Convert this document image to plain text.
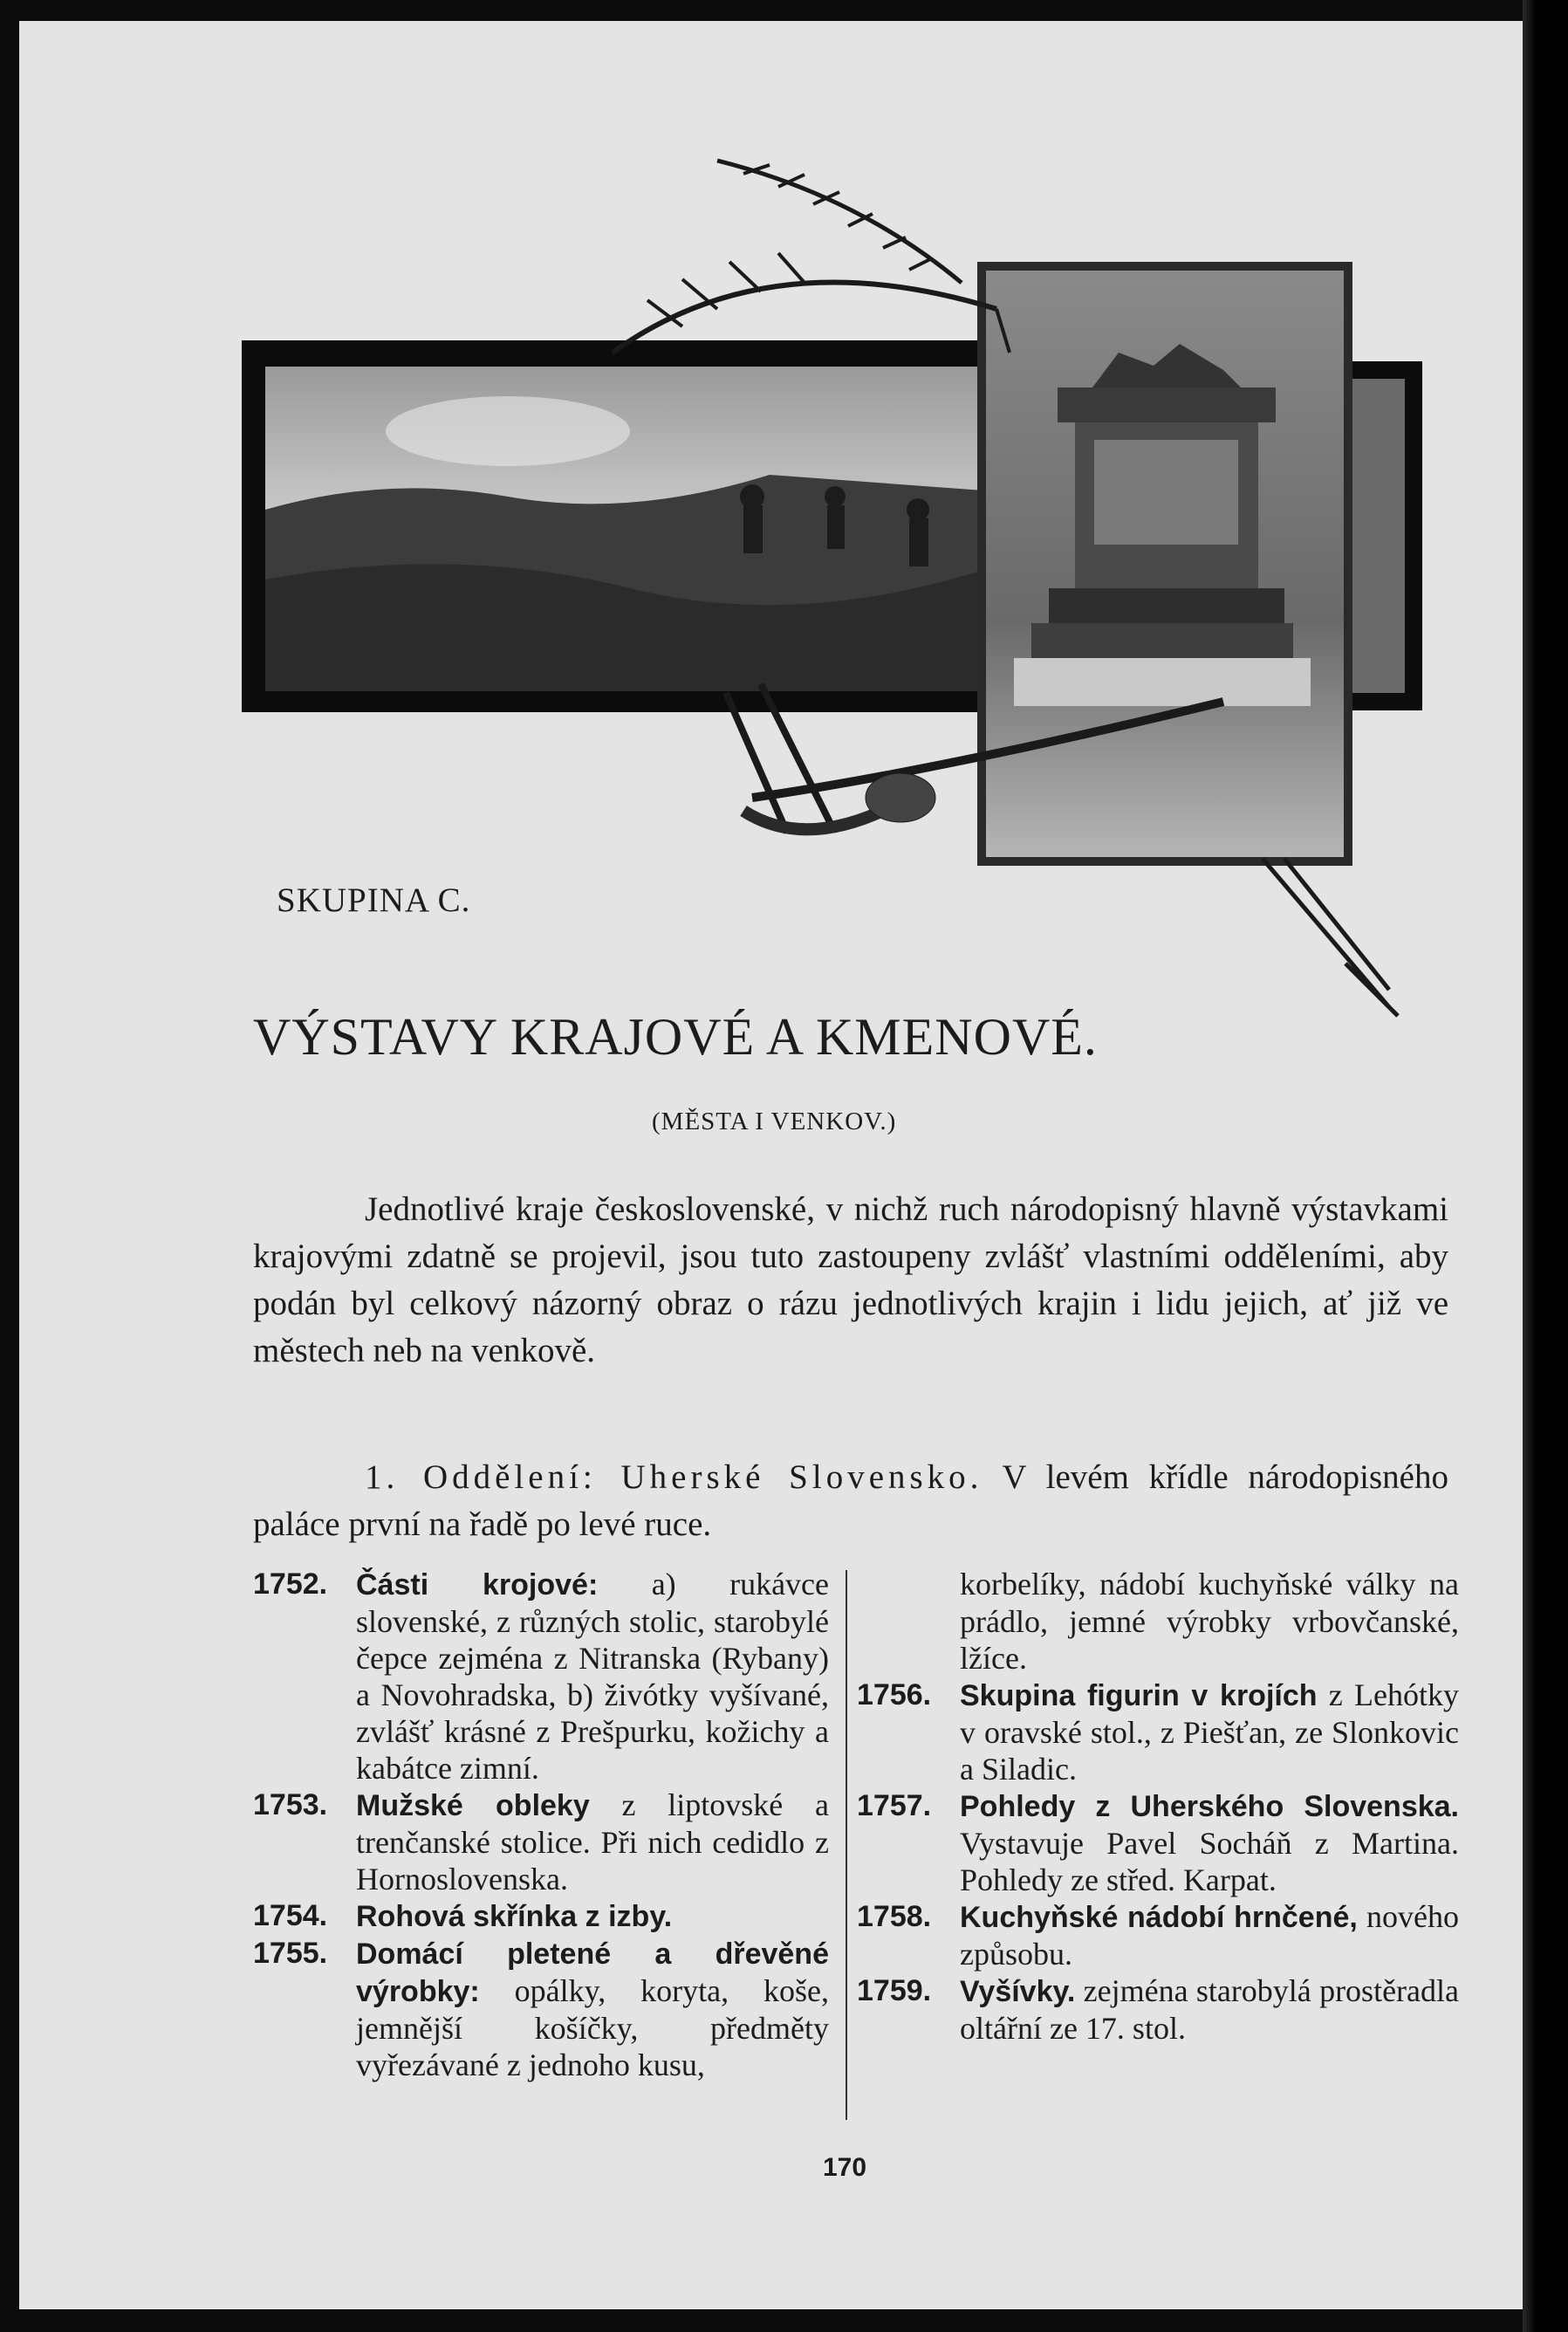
SKUPINA C.

VÝSTAVY KRAJOVÉ A KMENOVÉ.

(MĚSTA I VENKOV.)

Jednotlivé kraje československé, v nichž ruch národopisný hlavně výstavkami krajovými zdatně se projevil, jsou tuto zastoupeny zvlášť vlastními odděleními, aby podán byl celkový názorný obraz o rázu jednotlivých krajin i lidu jejich, ať již ve městech neb na venkově.

1. Oddělení: Uherské Slovensko. V levém křídle národopisného paláce první na řadě po levé ruce.

1752. Části krojové: a) rukávce slovenské, z různých stolic, starobylé čepce zejména z Nitranska (Rybany) a Novohradska, b) živótky vyšívané, zvlášť krásné z Prešpurku, kožichy a kabátce zimní.
1753. Mužské obleky z liptovské a trenčanské stolice. Při nich cedidlo z Hornoslovenska.
1754. Rohová skřínka z izby.
1755. Domácí pletené a dřevěné výrobky: opálky, koryta, koše, jemnější košíčky, předměty vyřezávané z jednoho kusu,
korbelíky, nádobí kuchyňské války na prádlo, jemné výrobky vrbovčanské, lžíce.
1756. Skupina figurin v krojích z Lehótky v oravské stol., z Piešťan, ze Slonkovic a Siladic.
1757. Pohledy z Uherského Slovenska. Vystavuje Pavel Socháň z Martina. Pohledy ze střed. Karpat.
1758. Kuchyňské nádobí hrnčené, nového způsobu.
1759. Vyšívky. zejména starobylá prostěradla oltářní ze 17. stol.

170
